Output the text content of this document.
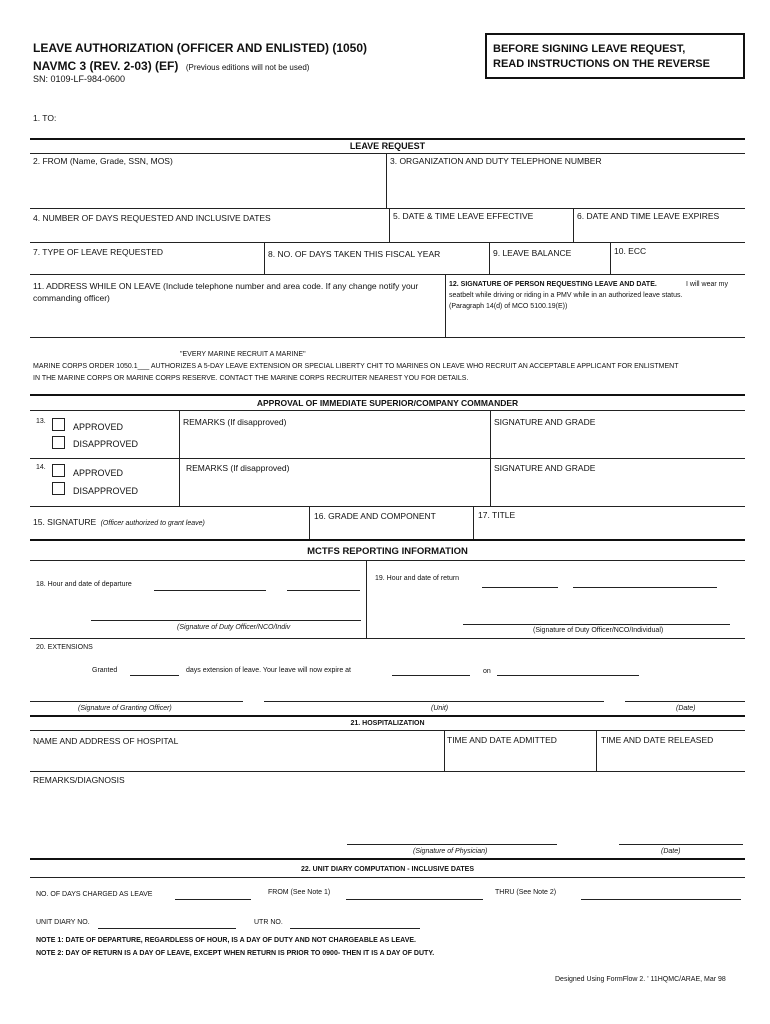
LEAVE AUTHORIZATION (OFFICER AND ENLISTED) (1050)
NAVMC 3 (REV. 2-03) (EF) (Previous editions will not be used)
SN: 0109-LF-984-0600
BEFORE SIGNING LEAVE REQUEST,
READ INSTRUCTIONS ON THE REVERSE
1. TO:
LEAVE REQUEST
2. FROM (Name, Grade, SSN, MOS)	3. ORGANIZATION AND DUTY TELEPHONE NUMBER
4. NUMBER OF DAYS REQUESTED AND INCLUSIVE DATES	5. DATE & TIME LEAVE EFFECTIVE	6. DATE AND TIME LEAVE EXPIRES
7. TYPE OF LEAVE REQUESTED	8. NO. OF DAYS TAKEN THIS FISCAL YEAR	9. LEAVE BALANCE	10. ECC
11. ADDRESS WHILE ON LEAVE (Include telephone number and area code. If any change notify your
commanding officer)
12. SIGNATURE OF PERSON REQUESTING LEAVE AND DATE.	I will wear my
seatbelt while driving or riding in a PMV while in an authorized leave status.
(Paragraph 14(d) of MCO 5100.19(E))
"EVERY MARINE RECRUIT A MARINE"
MARINE CORPS ORDER 1050.1___ AUTHORIZES A 5-DAY LEAVE EXTENSION OR SPECIAL LIBERTY CHIT TO MARINES ON LEAVE WHO RECRUIT AN ACCEPTABLE APPLICANT FOR ENLISTMENT
IN THE MARINE CORPS OR MARINE CORPS RESERVE. CONTACT THE MARINE CORPS RECRUITER NEAREST YOU FOR DETAILS.
APPROVAL OF IMMEDIATE SUPERIOR/COMPANY COMMANDER
13.
APPROVED
DISAPPROVED
REMARKS (If disapproved)	SIGNATURE AND GRADE
14.
APPROVED
DISAPPROVED
REMARKS (If disapproved)	SIGNATURE AND GRADE
15. SIGNATURE (Officer authorized to grant leave)
16. GRADE AND COMPONENT	17. TITLE
MCTFS REPORTING INFORMATION
18. Hour and date of departure
19. Hour and date of return
(Signature of Duty Officer/NCO/Indiv	(Signature of Duty Officer/NCO/Individual)
20. EXTENSIONS
Granted	days extension of leave. Your leave will now expire at	on
(Signature of Granting Officer)	(Unit)	(Date)
21. HOSPITALIZATION
NAME AND ADDRESS OF HOSPITAL	TIME AND DATE ADMITTED	TIME AND DATE RELEASED
REMARKS/DIAGNOSIS
(Signature of Physician)	(Date)
22. UNIT DIARY COMPUTATION - INCLUSIVE DATES
NO. OF DAYS CHARGED AS LEAVE	FROM (See Note 1)	THRU (See Note 2)
UNIT DIARY NO.	UTR NO.
NOTE 1: DATE OF DEPARTURE, REGARDLESS OF HOUR, IS A DAY OF DUTY AND NOT CHARGEABLE AS LEAVE.
NOTE 2: DAY OF RETURN IS A DAY OF LEAVE, EXCEPT WHEN RETURN IS PRIOR TO 0900- THEN IT IS A DAY OF DUTY.
Designed Using FormFlow 2. ' 11HQMC/ARAE, Mar 98
